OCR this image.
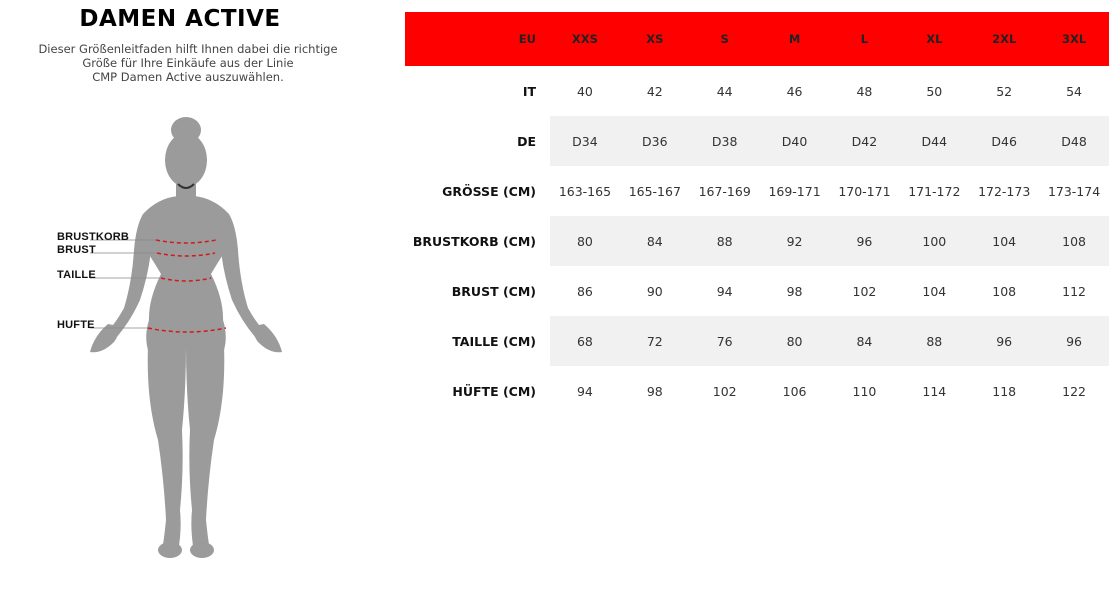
DAMEN ACTIVE
Dieser Größenleitfaden hilft Ihnen dabei die richtige
Größe für Ihre Einkäufe aus der Linie
CMP Damen Active auszuwählen.
BRUSTKORB
BRUST
TAILLE
HUFTE
EU	XXS	XS	S	M	L	XL	2XL	3XL
IT	40	42	44	46	48	50	52	54
DE	D34	D36	D38	D40	D42	D44	D46	D48
GRÖSSE (CM)	163-165	165-167	167-169	169-171	170-171	171-172	172-173	173-174
BRUSTKORB (CM)	80	84	88	92	96	100	104	108
BRUST (CM)	86	90	94	98	102	104	108	112
TAILLE (CM)	68	72	76	80	84	88	96	96
HÜFTE (CM)	94	98	102	106	110	114	118	122
